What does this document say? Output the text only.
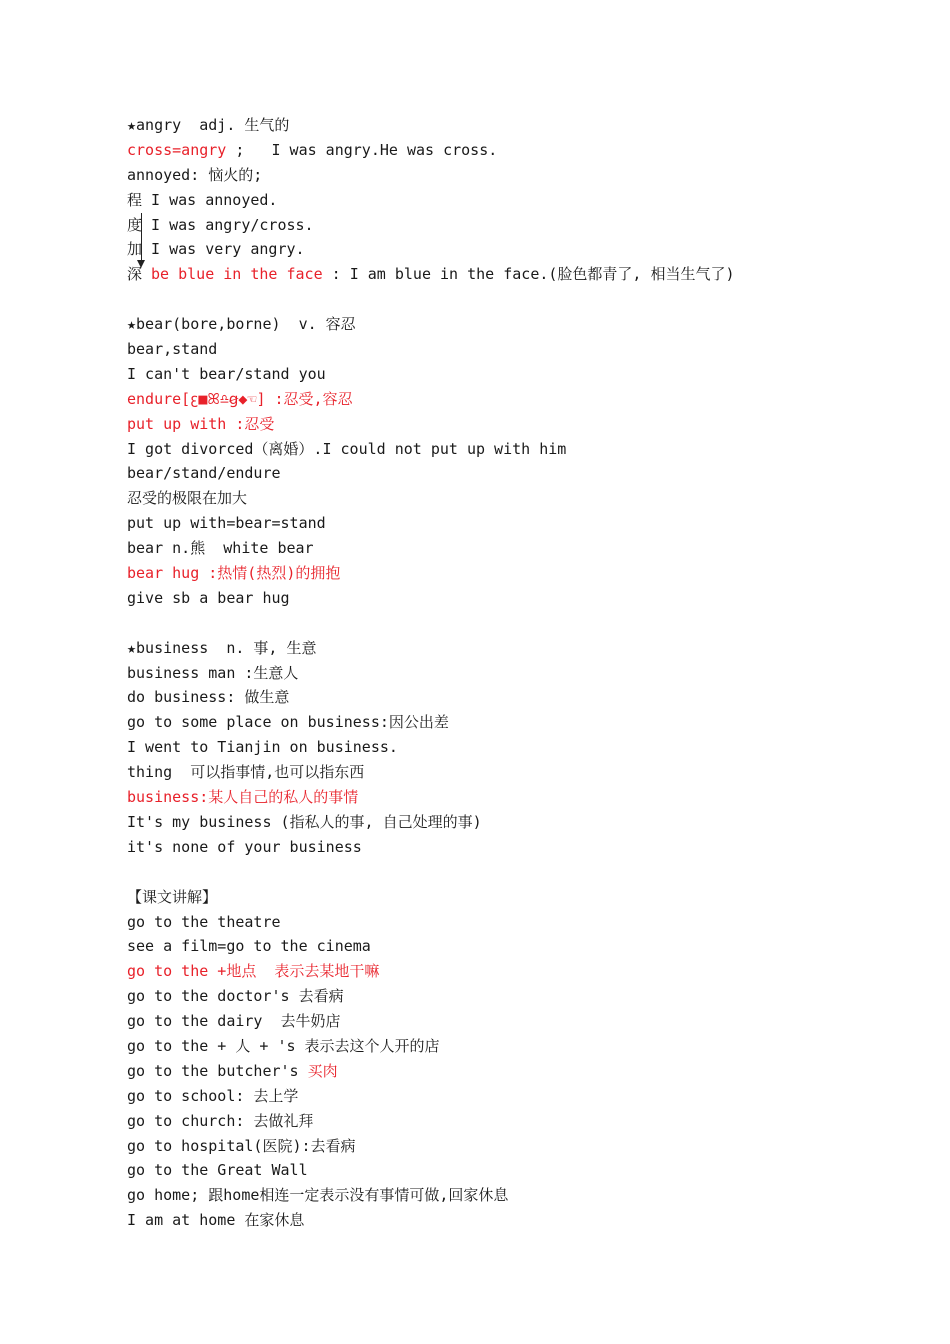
★angry  adj. 生气的
cross=angry ;   I was angry.He was cross.
annoyed: 恼火的;
程 I was annoyed.
度 I was angry/cross.
加 I was very angry.
深 be blue in the face : I am blue in the face.(脸色都青了, 相当生气了)
★bear(bore,borne)  v. 容忍
bear,stand
I can't bear/stand you
endure[ꜫ■ꕤ♎ꞡ◆☜] :忍受,容忍
put up with :忍受
I got divorced（离婚）.I could not put up with him
bear/stand/endure
忍受的极限在加大
put up with=bear=stand
bear n.熊  white bear
bear hug :热情(热烈)的拥抱
give sb a bear hug
★business  n. 事, 生意
business man :生意人
do business: 做生意
go to some place on business:因公出差
I went to Tianjin on business.
thing  可以指事情,也可以指东西
business:某人自己的私人的事情
It's my business (指私人的事, 自己处理的事)
it's none of your business
【课文讲解】
go to the theatre
see a film=go to the cinema
go to the +地点  表示去某地干嘛
go to the doctor's 去看病
go to the dairy  去牛奶店
go to the + 人 + 's 表示去这个人开的店
go to the butcher's 买肉
go to school: 去上学
go to church: 去做礼拜
go to hospital(医院):去看病
go to the Great Wall
go home; 跟home相连一定表示没有事情可做,回家休息
I am at home 在家休息
